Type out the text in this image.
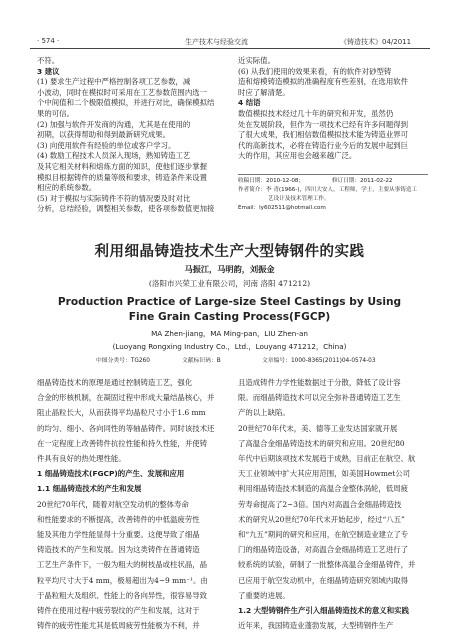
· 574 ·	生产技术与经验交流	《铸造技术》04/2011
不符。
3 建议
(1) 要求生产过程中严格控制各项工艺参数，减
小波动，同时在模拟时可采用在工艺参数范围内选一
个中间值和二个极限值模拟，并进行对比，确保模拟结
果的可信。
(2) 加强与软件开发商的沟通，尤其是在使用的
初期，以获得帮助和得到最新研究成果。
(3) 向使用软件有经验的单位或客户学习。
(4) 数励工程技术人员深入现场，熟知铸造工艺
及其它相关材料和熔炼方面的知识，使他们逐步掌握
模拟目根据铸件的质量等级和要求，铸造条件来设置
相应的系统参数。
(5) 对于模拟与实际铸件不符的情况要及时对比
分析，总结经验，调整相关参数，使各项参数值更加接
近实际值。
(6) 从我们使用的效果来看，有的软件对砂型铸
造和熔模铸造模拟的准确程度有些差别，在选用软件
时应了解清楚。
4 结语
数值模拟技术经过几十年的研究和开发，虽然仍
处在发展阶段，但作为一项技术已经有许多问题得到
了很大成果，我们相信数值模拟技术能为铸造业界可
代的高新技术，必将在铸造行业今后的发展中起到巨
大的作用，其应用也会越来越广泛。
收稿日期：2010-12-08；	修订日期：2011-02-22
作者简介：李 青(1966-)，四川大安人，工程师，学士，主要从事铸造工
艺设计及技术管理工作。
Email：ly602511@hotmail.com
利用细晶铸造技术生产大型铸钢件的实践
马振江，马明韵，刘振金
(洛阳市兴荣工业有限公司，河南 洛阳 471212)
Production Practice of Large-size Steel Castings by Using
Fine Grain Casting Process(FGCP)
MA Zhen-jiang，MA Ming-pan，LIU Zhen-an
(Luoyang Rongxing Industry Co.，Ltd.，Louyang 471212，China)
中图分类号：TG260	文献标识码：B	文章编号：1000-8365(2011)04-0574-03
细晶铸造技术的原理是通过控制铸造工艺，强化
合金的形核机制，在凝固过程中形成大量结晶核心，并
阻止晶粒长大，从而获得平均晶粒尺寸小于1.6 mm
的均匀、细小、各向同性的等轴晶铸件。同时该技术还
在一定程度上改善铸件抗拉性能和持久性能，并使铸
件具有良好的热处理性能。
1 细晶铸造技术(FGCP)的产生、发展和应用
1.1 细晶铸造技术的产生和发展
20世纪70年代，随着对航空发动机的整体寿命
和性能要求的不断提高，改善铸件的中低温疲劳性
能及其他力学性能显得十分重要。这便导致了细晶
铸造技术的产生和发展。因为这类铸件在普通铸造
工艺生产条件下，一般为粗大的树枝晶或柱状晶，晶
粒平均尺寸大于4 mm，极易超出为4~9 mm⁻¹。由
于晶粒粗大及组织、性能上的各向异性，很容易导致
铸件在使用过程中疲劳裂纹的产生和发展，这对于
铸件的疲劳性能尤其是低周疲劳性能极为不利，并
且造成铸件力学性能数据过于分散，降低了设计容
限。而细晶铸造技术可以完全弥补普通铸造工艺生
产的以上缺陷。
20世纪70年代末，美、德等工业发达国家就开展
了高温合金细晶铸造技术的研究和应用。20世纪80
年代中后期该项技术发展趋于成熟，目前正在航空、航
天工业领域中扩大其应用范围，如美国Howmet公司
利用细晶铸造技术制造的高温合金整体涡轮，低周疲
劳寿命提高了2~3倍。国内对高温合金细晶铸造技
术的研究从20世纪70年代末开始起步，经过“八五”
和“九五”期间的研究和应用，在航空制造业建立了专
门的细晶铸造设备，对高温合金细晶铸造工艺进行了
较系统的试验，研制了一批整体高温合金细晶铸件，并
已应用于航空发动机中，在细晶铸造研究领域内取得
了重要的进展。
1.2 大型铸钢件生产引入细晶铸造技术的意义和实践
近年来，我国铸造业蓬勃发展，大型铸钢件生产
